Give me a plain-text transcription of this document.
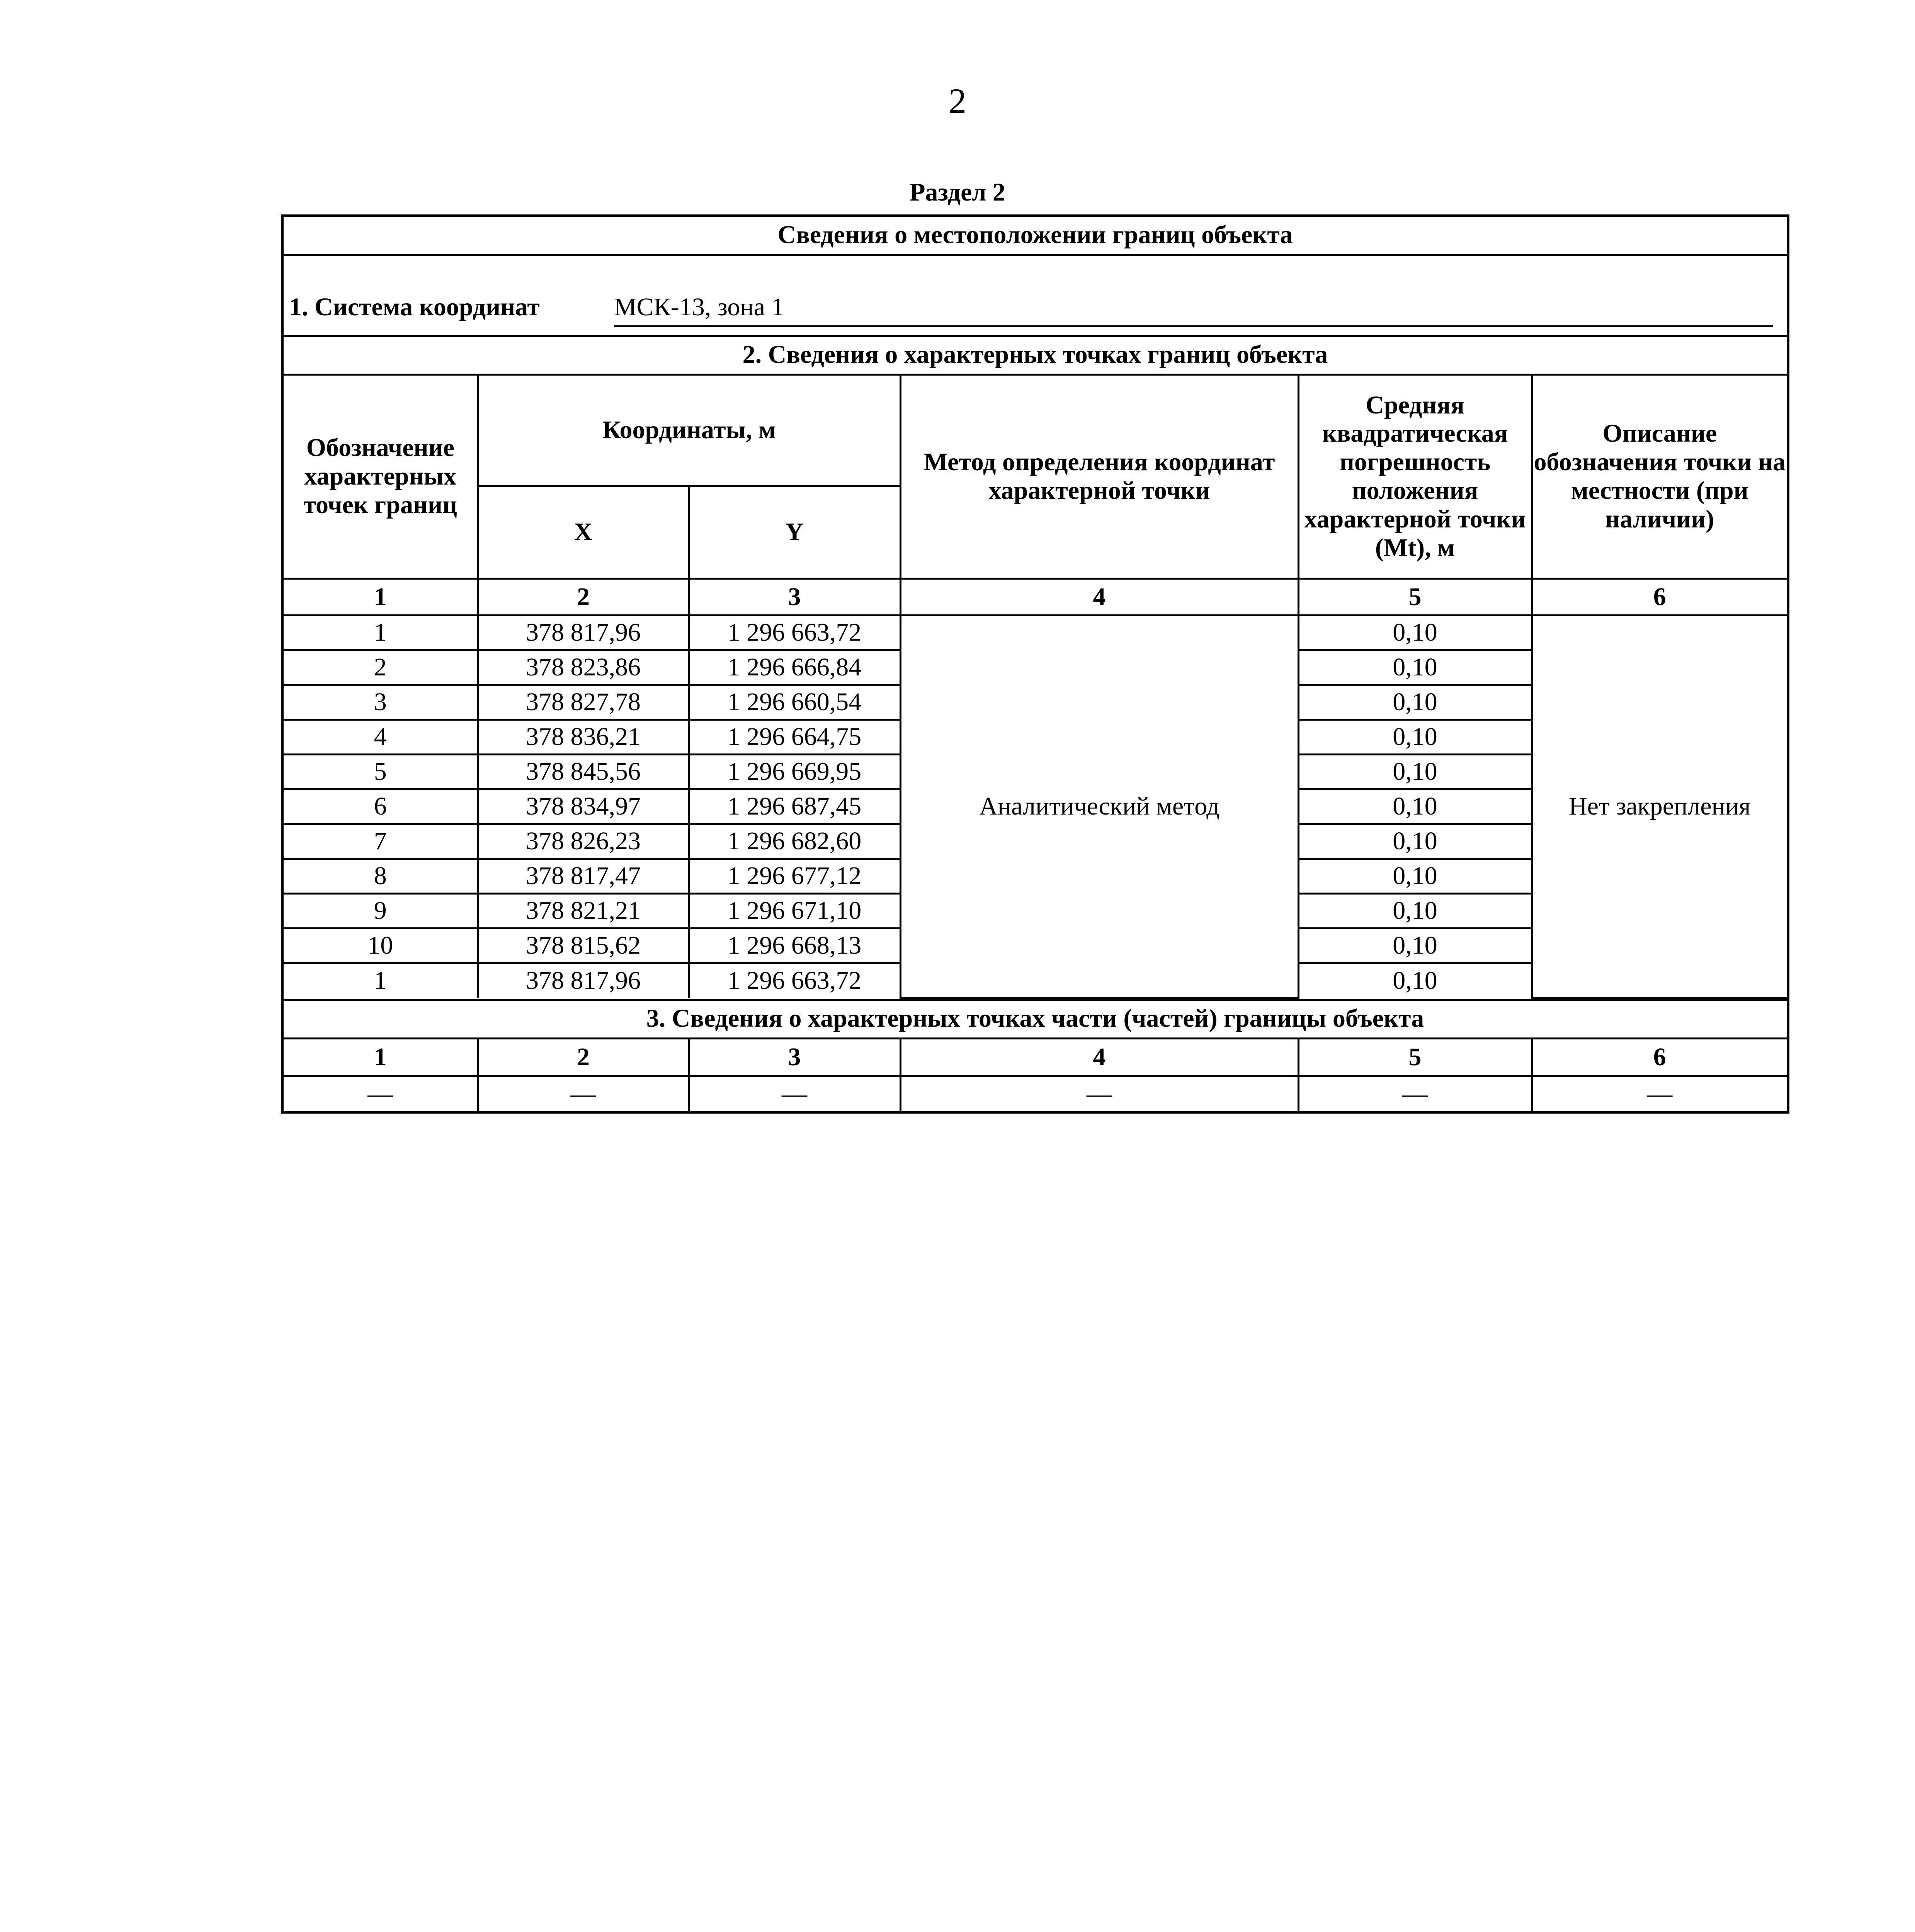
2
Раздел 2
Сведения о местоположении границ объекта
1. Система координат	МСК-13, зона 1
2. Сведения о характерных точках границ объекта
Обозначение характерных точек границ	Координаты, м		Метод определения координат характерной точки	Средняя квадратическая погрешность положения характерной точки (Mt), м	Описание обозначения точки на местности (при наличии)
	X	Y			
1	2	3	4	5	6
1	378 817,96	1 296 663,72	Аналитический метод	0,10	Нет закрепления
2	378 823,86	1 296 666,84		0,10	
3	378 827,78	1 296 660,54		0,10	
4	378 836,21	1 296 664,75		0,10	
5	378 845,56	1 296 669,95		0,10	
6	378 834,97	1 296 687,45		0,10	
7	378 826,23	1 296 682,60		0,10	
8	378 817,47	1 296 677,12		0,10	
9	378 821,21	1 296 671,10		0,10	
10	378 815,62	1 296 668,13		0,10	
1	378 817,96	1 296 663,72		0,10	
3. Сведения о характерных точках части (частей) границы объекта
1	2	3	4	5	6
—	—	—	—	—	—
